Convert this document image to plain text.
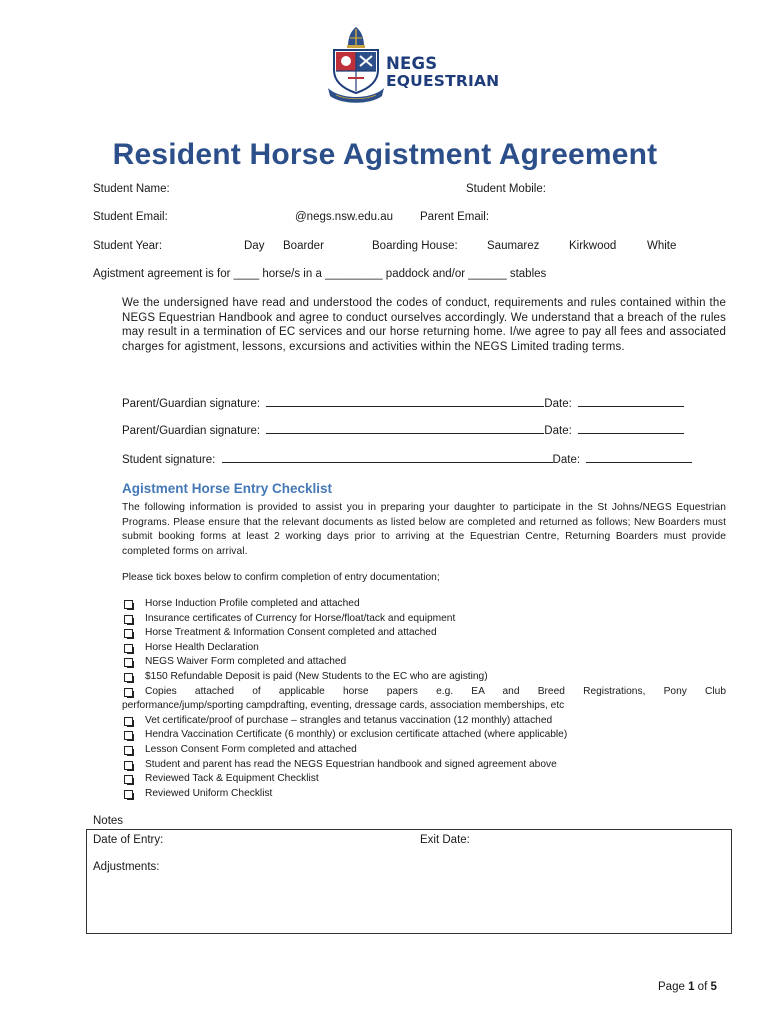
NEGS
EQUESTRIAN
Resident Horse Agistment Agreement
Student Name:	Student Mobile:
Student Email:	@negs.nsw.edu.au Parent Email:
Student Year:	Day Boarder	Boarding House:	Saumarez	Kirkwood	White
Agistment agreement is for ____ horse/s in a _________ paddock and/or ______ stables
We the undersigned have read and understood the codes of conduct, requirements and rules contained within the NEGS Equestrian Handbook and agree to conduct ourselves accordingly. We understand that a breach of the rules may result in a termination of EC services and our horse returning home. I/we agree to pay all fees and associated charges for agistment, lessons, excursions and activities within the NEGS Limited trading terms.
Parent/Guardian signature:	Date:
Parent/Guardian signature:	Date:
Student signature:	Date:
Agistment Horse Entry Checklist
The following information is provided to assist you in preparing your daughter to participate in the St Johns/NEGS Equestrian Programs. Please ensure that the relevant documents as listed below are completed and returned as follows; New Boarders must submit booking forms at least 2 working days prior to arriving at the Equestrian Centre, Returning Boarders must provide completed forms on arrival.
Please tick boxes below to confirm completion of entry documentation;
Horse Induction Profile completed and attached
Insurance certificates of Currency for Horse/float/tack and equipment
Horse Treatment & Information Consent completed and attached
Horse Health Declaration
NEGS Waiver Form completed and attached
$150 Refundable Deposit is paid (New Students to the EC who are agisting)
Copies attached of applicable horse papers e.g. EA and Breed Registrations, Pony Club
performance/jump/sporting campdrafting, eventing, dressage cards, association memberships, etc
Vet certificate/proof of purchase – strangles and tetanus vaccination (12 monthly) attached
Hendra Vaccination Certificate (6 monthly) or exclusion certificate attached (where applicable)
Lesson Consent Form completed and attached
Student and parent has read the NEGS Equestrian handbook and signed agreement above
Reviewed Tack & Equipment Checklist
Reviewed Uniform Checklist
Notes
Date of Entry:	Exit Date:
Adjustments:
Page 1 of 5
